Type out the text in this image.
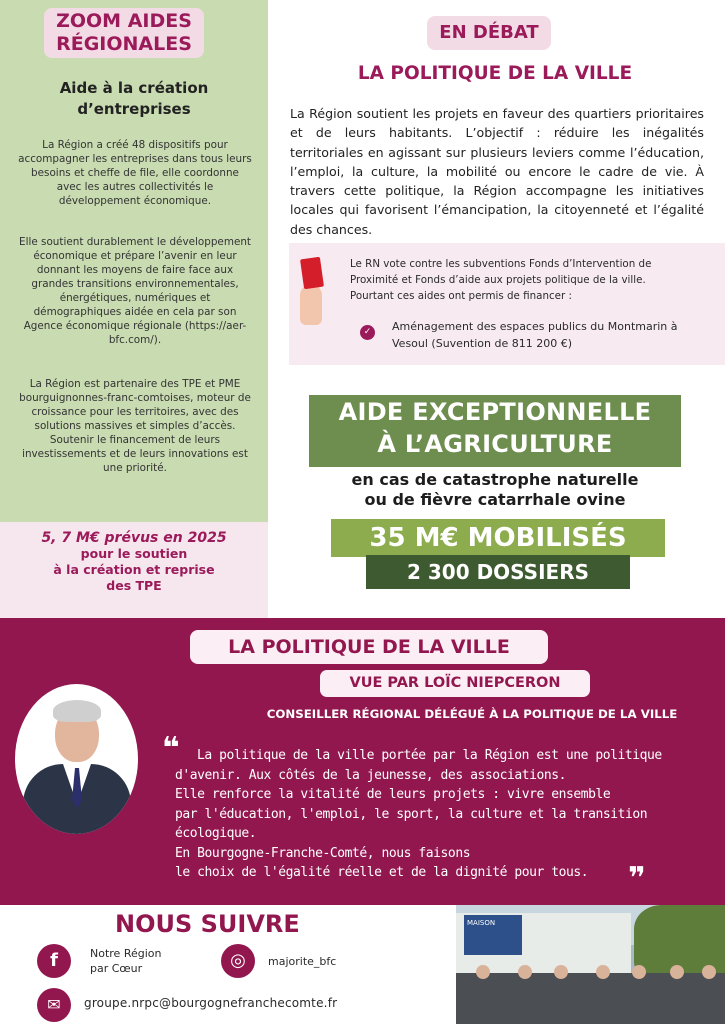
ZOOM AIDES
RÉGIONALES
Aide à la création
d’entreprises

La Région a créé 48 dispositifs pour accompagner les entreprises dans tous leurs besoins et cheffe de file, elle coordonne avec les autres collectivités le développement économique.

Elle soutient durablement le développement économique et prépare l’avenir en leur donnant les moyens de faire face aux grandes transitions environnementales, énergétiques, numériques et démographiques aidée en cela par son Agence économique régionale (https://aer-bfc.com/).

La Région est partenaire des TPE et PME bourguignonnes-franc-comtoises, moteur de croissance pour les territoires, avec des solutions massives et simples d’accès. Soutenir le financement de leurs investissements et de leurs innovations est une priorité.

5, 7 M€ prévus en 2025
pour le soutien
à la création et reprise
des TPE
EN DÉBAT
LA POLITIQUE DE LA VILLE

La Région soutient les projets en faveur des quartiers prioritaires et de leurs habitants. L’objectif : réduire les inégalités territoriales en agissant sur plusieurs leviers comme l’éducation, l’emploi, la culture, la mobilité ou encore le cadre de vie. À travers cette politique, la Région accompagne les initiatives locales qui favorisent l’émancipation, la citoyenneté et l’égalité des chances.

Le RN vote contre les subventions Fonds d’Intervention de Proximité et Fonds d’aide aux projets politique de la ville. Pourtant ces aides ont permis de financer :

✓	Aménagement des espaces publics du Montmarin à Vesoul (Suvention de 811 200 €)

AIDE EXCEPTIONNELLE
À L’AGRICULTURE
en cas de catastrophe naturelle
ou de fièvre catarrhale ovine
35 M€ MOBILISÉS
2 300 DOSSIERS
LA POLITIQUE DE LA VILLE
VUE PAR LOÏC NIEPCERON
CONSEILLER RÉGIONAL DÉLÉGUÉ À LA POLITIQUE DE LA VILLE
❝	La politique de la ville portée par la Région est une politique
d'avenir. Aux côtés de la jeunesse, des associations.
Elle renforce la vitalité de leurs projets : vivre ensemble
par l'éducation, l'emploi, le sport, la culture et la transition
écologique.
En Bourgogne-Franche-Comté, nous faisons
le choix de l'égalité réelle et de la dignité pour tous.	❞
NOUS SUIVRE
f	Notre Région
par Cœur	◎	majorite_bfc
✉	groupe.nrpc@bourgognefranchecomte.fr
MAISON
